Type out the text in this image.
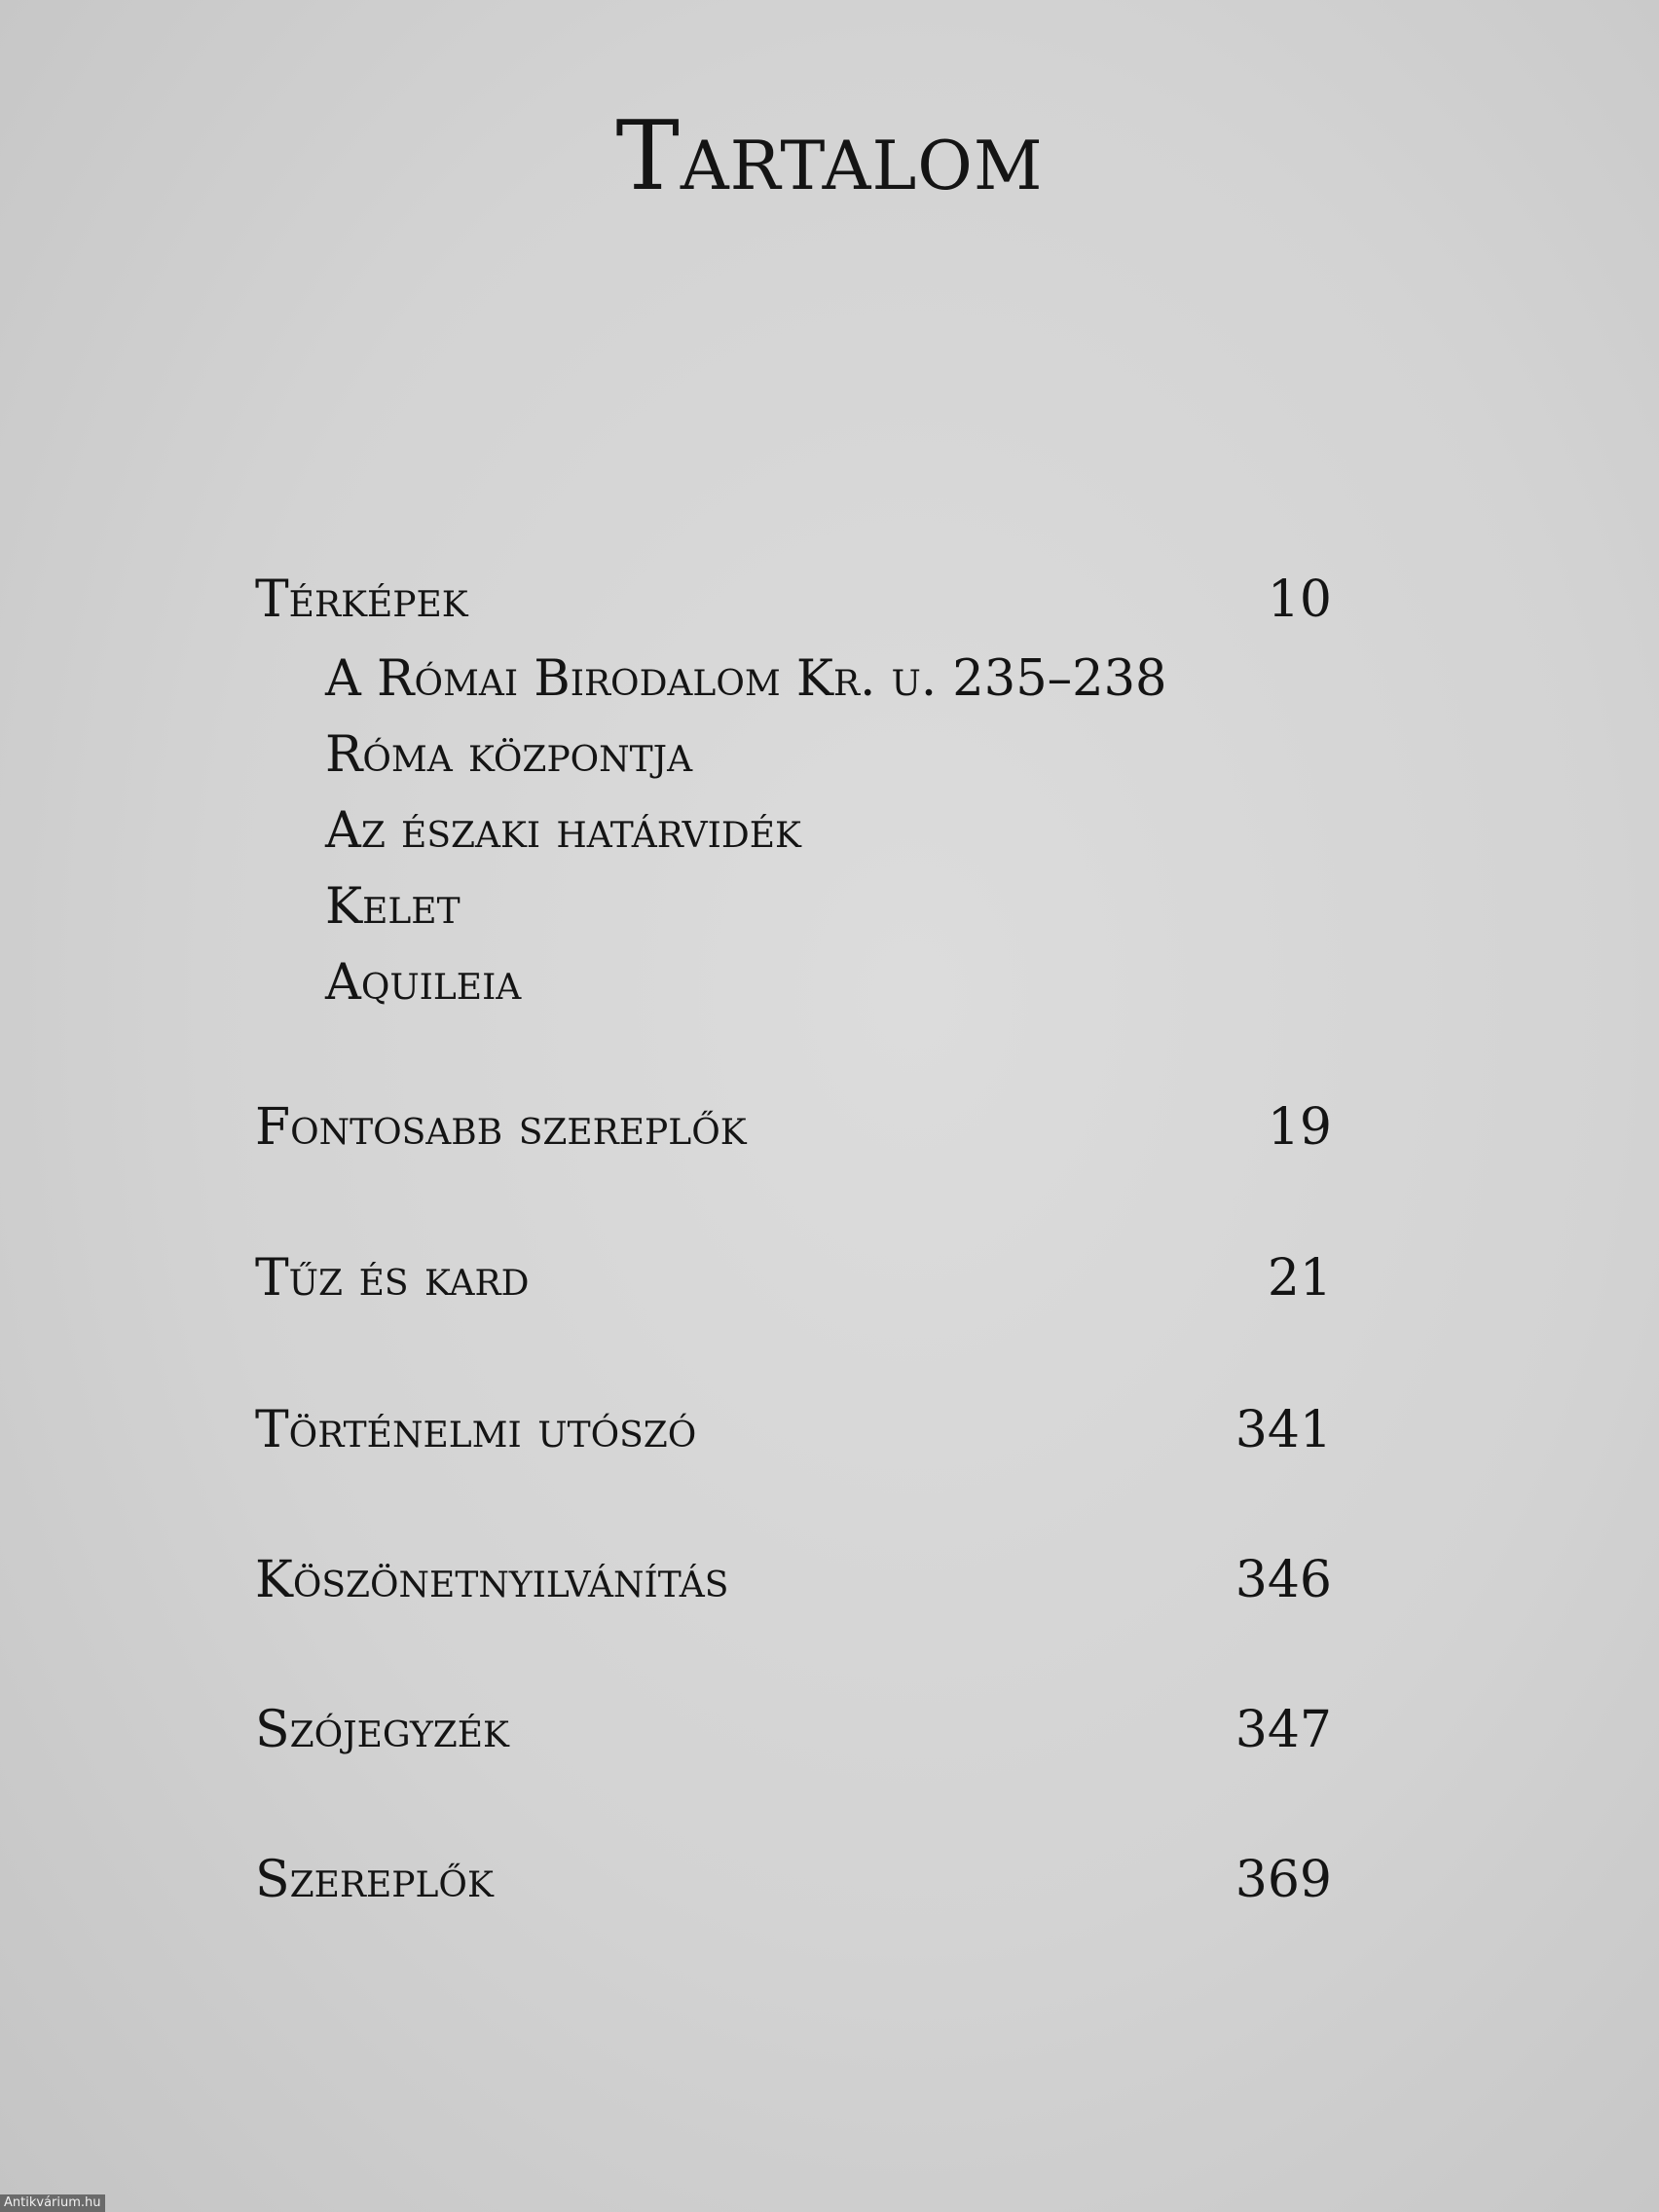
Tartalom
Térképek	10
A Római Birodalom Kr. u. 235–238
Róma központja
Az északi határvidék
Kelet
Aquileia
Fontosabb szereplők	19
Tűz és kard	21
Történelmi utószó	341
Köszönetnyilvánítás	346
Szójegyzék	347
Szereplők	369
Antikvárium.hu
